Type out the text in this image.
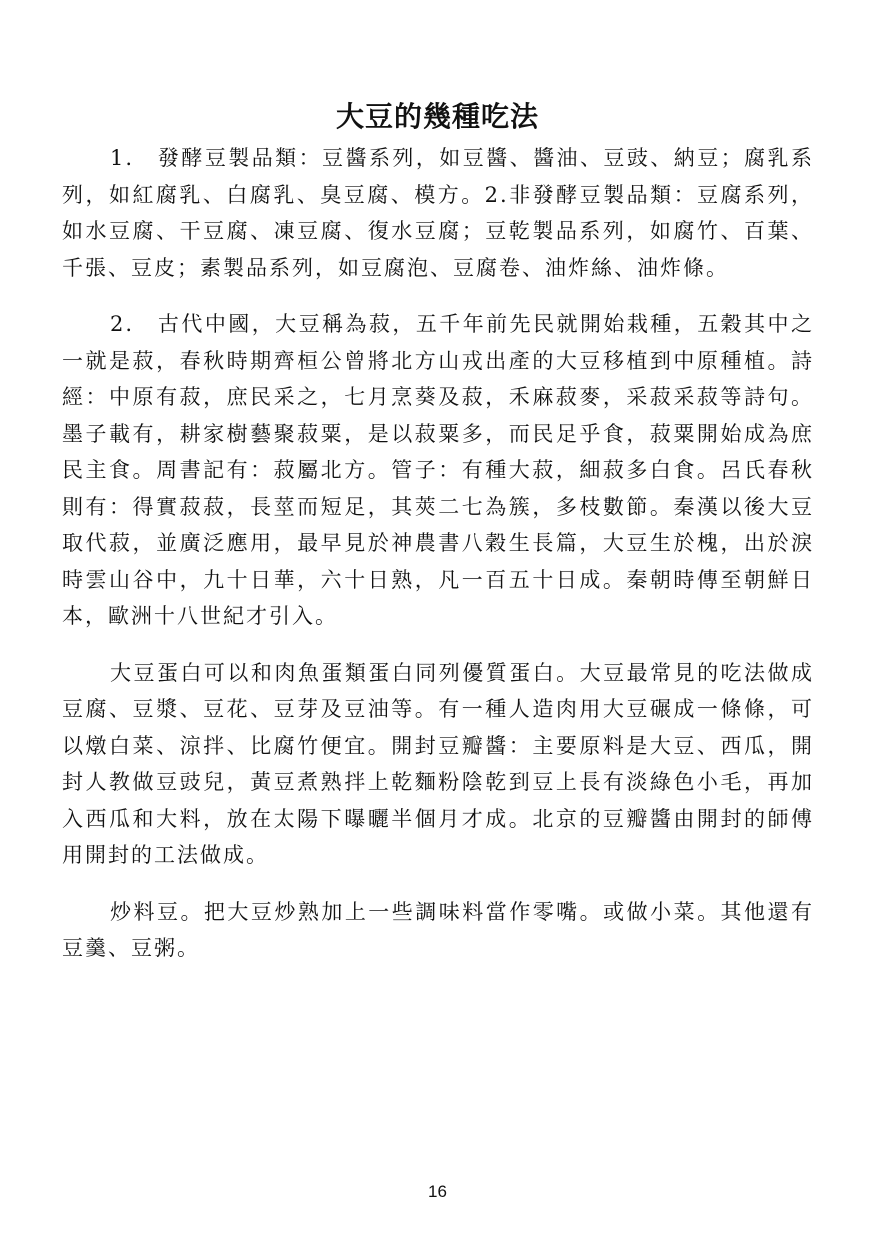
大豆的幾種吃法

1.　發酵豆製品類：豆醬系列，如豆醬、醬油、豆豉、納豆；腐乳系列，如紅腐乳、白腐乳、臭豆腐、模方。2.非發酵豆製品類：豆腐系列，如水豆腐、干豆腐、凍豆腐、復水豆腐；豆乾製品系列，如腐竹、百葉、千張、豆皮；素製品系列，如豆腐泡、豆腐卷、油炸絲、油炸條。

2.　古代中國，大豆稱為菽，五千年前先民就開始栽種，五穀其中之一就是菽，春秋時期齊桓公曾將北方山戎出產的大豆移植到中原種植。詩經：中原有菽，庶民采之，七月烹葵及菽，禾麻菽麥，采菽采菽等詩句。墨子載有，耕家樹藝聚菽粟，是以菽粟多，而民足乎食，菽粟開始成為庶民主食。周書記有：菽屬北方。管子：有種大菽，細菽多白食。呂氏春秋則有：得實菽菽，長莖而短足，其莢二七為簇，多枝數節。秦漢以後大豆取代菽，並廣泛應用，最早見於神農書八穀生長篇，大豆生於槐，出於淚時雲山谷中，九十日華，六十日熟，凡一百五十日成。秦朝時傳至朝鮮日本，歐洲十八世紀才引入。

大豆蛋白可以和肉魚蛋類蛋白同列優質蛋白。大豆最常見的吃法做成豆腐、豆漿、豆花、豆芽及豆油等。有一種人造肉用大豆碾成一條條，可以燉白菜、涼拌、比腐竹便宜。開封豆瓣醬：主要原料是大豆、西瓜，開封人教做豆豉兒，黃豆煮熟拌上乾麵粉陰乾到豆上長有淡綠色小毛，再加入西瓜和大料，放在太陽下曝曬半個月才成。北京的豆瓣醬由開封的師傅用開封的工法做成。

炒料豆。把大豆炒熟加上一些調味料當作零嘴。或做小菜。其他還有豆羹、豆粥。

16
